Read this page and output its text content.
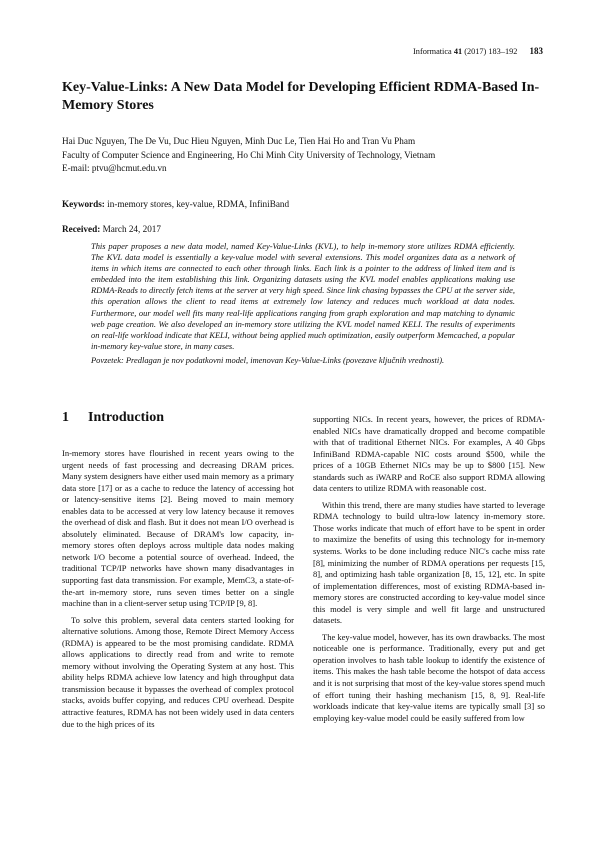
Informatica 41 (2017) 183–192 183
Key-Value-Links: A New Data Model for Developing Efficient RDMA-Based In-Memory Stores
Hai Duc Nguyen, The De Vu, Duc Hieu Nguyen, Minh Duc Le, Tien Hai Ho and Tran Vu Pham
Faculty of Computer Science and Engineering, Ho Chi Minh City University of Technology, Vietnam
E-mail: ptvu@hcmut.edu.vn
Keywords: in-memory stores, key-value, RDMA, InfiniBand
Received: March 24, 2017

This paper proposes a new data model, named Key-Value-Links (KVL), to help in-memory store utilizes RDMA efficiently. The KVL data model is essentially a key-value model with several extensions. This model organizes data as a network of items in which items are connected to each other through links. Each link is a pointer to the address of linked item and is embedded into the item establishing this link. Organizing datasets using the KVL model enables applications making use RDMA-Reads to directly fetch items at the server at very high speed. Since link chasing bypasses the CPU at the server side, this operation allows the client to read items at extremely low latency and reduces much workload at data nodes. Furthermore, our model well fits many real-life applications ranging from graph exploration and map matching to dynamic web page creation. We also developed an in-memory store utilizing the KVL model named KELI. The results of experiments on real-life workload indicate that KELI, without being applied much optimization, easily outperform Memcached, a popular in-memory key-value store, in many cases.

Povzetek: Predlagan je nov podatkovni model, imenovan Key-Value-Links (povezave ključnih vrednosti).

1 Introduction

In-memory stores have flourished in recent years owing to the urgent needs of fast processing and decreasing DRAM prices. Many system designers have either used main memory as a primary data store [17] or as a cache to reduce the latency of accessing hot or latency-sensitive items [2]. Being moved to main memory enables data to be accessed at very low latency because it removes the overhead of disk and flash. But it does not mean I/O overhead is absolutely eliminated. Because of DRAM's low capacity, in-memory stores often deploys across multiple data nodes making network I/O become a potential source of overhead. Indeed, the traditional TCP/IP networks have shown many disadvantages in supporting fast data transmission. For example, MemC3, a state-of-the-art in-memory store, runs seven times better on a single machine than in a client-server setup using TCP/IP [9, 8].

To solve this problem, several data centers started looking for alternative solutions. Among those, Remote Direct Memory Access (RDMA) is appeared to be the most promising candidate. RDMA allows applications to directly read from and write to remote memory without involving the Operating System at any host. This ability helps RDMA achieve low latency and high throughput data transmission because it bypasses the overhead of complex protocol stacks, avoids buffer copying, and reduces CPU overhead. Despite attractive features, RDMA has not been widely used in data centers due to the high prices of its

supporting NICs. In recent years, however, the prices of RDMA-enabled NICs have dramatically dropped and become compatible with that of traditional Ethernet NICs. For examples, A 40 Gbps InfiniBand RDMA-capable NIC costs around $500, while the prices of a 10GB Ethernet NICs may be up to $800 [15]. New standards such as iWARP and RoCE also support RDMA allowing data centers to utilize RDMA with reasonable cost.

Within this trend, there are many studies have started to leverage RDMA technology to build ultra-low latency in-memory store. Those works indicate that much of effort have to be spent in order to maximize the benefits of using this technology for in-memory systems. Works to be done including reduce NIC's cache miss rate [8], minimizing the number of RDMA operations per requests [15, 8], and optimizing hash table organization [8, 15, 12], etc. In spite of implementation differences, most of existing RDMA-based in-memory stores are constructed according to key-value model since this model is very simple and well fit large and unstructured datasets.

The key-value model, however, has its own drawbacks. The most noticeable one is performance. Traditionally, every put and get operation involves to hash table lookup to identify the existence of items. This makes the hash table become the hotspot of data access and it is not surprising that most of the key-value stores spend much of effort tuning their hashing mechanism [15, 8, 9]. Real-life workloads indicate that key-value items are typically small [3] so employing key-value model could be easily suffered from low
